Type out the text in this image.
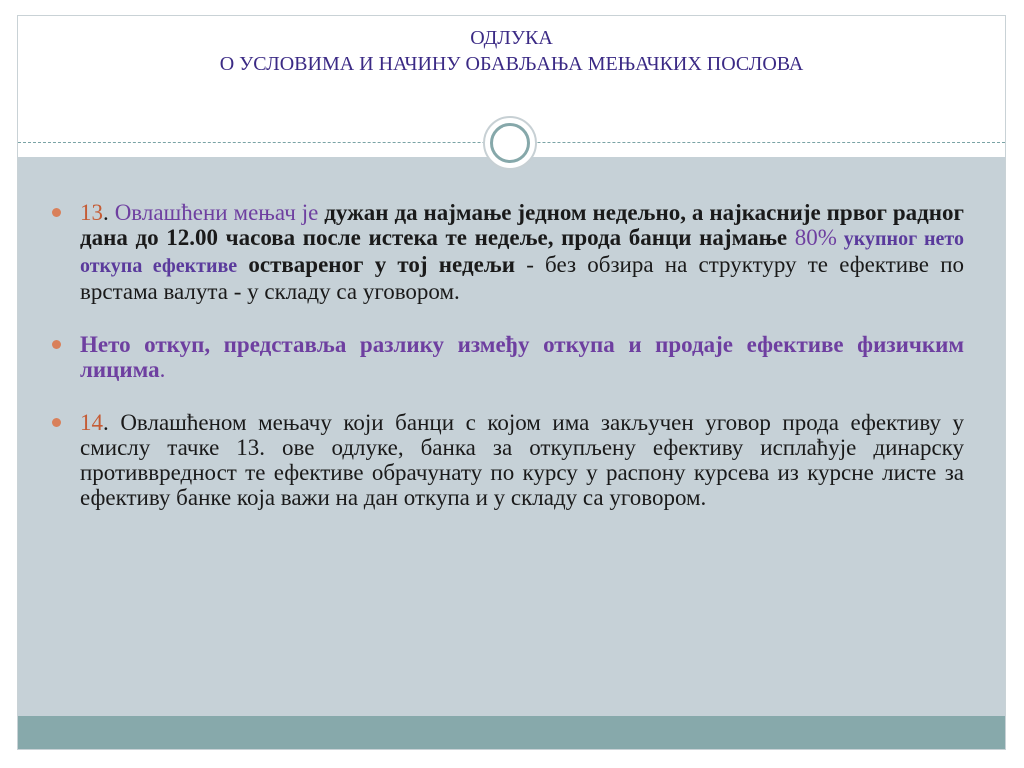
ОДЛУКА
О УСЛОВИМА И НАЧИНУ ОБАВЉАЊА МЕЊАЧКИХ ПОСЛОВА
13. Овлашћени мењач је дужан да најмање једном недељно, а најкасније првог радног дана до 12.00 часова после истека те недеље, прода банци најмање 80% укупног нето откупа ефективе оствареног у тој недељи - без обзира на структуру те ефективе по врстама валута - у складу са уговором.
Нето откуп, представља разлику између откупа и продаје ефективе физичким лицима.
14. Овлашћеном мењачу који банци с којом има закључен уговор прода ефективу у смислу тачке 13. ове одлуке, банка за откупљену ефективу исплаћује динарску противвредност те ефективе обрачунату по курсу у распону курсева из курсне листе за ефективу банке која важи на дан откупа и у складу са уговором.
